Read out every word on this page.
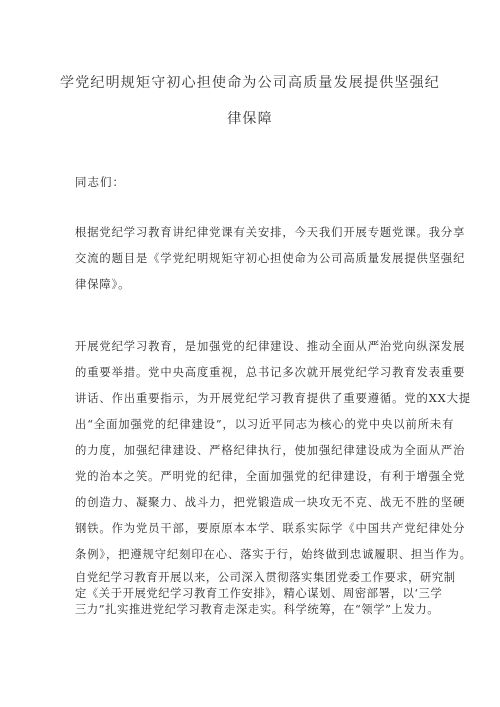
学党纪明规矩守初心担使命为公司高质量发展提供坚强纪
律保障
同志们：
根据党纪学习教育讲纪律党课有关安排，今天我们开展专题党课。我分享
交流的题目是《学党纪明规矩守初心担使命为公司高质量发展提供坚强纪
律保障》。
开展党纪学习教育，是加强党的纪律建设、推动全面从严治党向纵深发展
的重要举措。党中央高度重视，总书记多次就开展党纪学习教育发表重要
讲话、作出重要指示，为开展党纪学习教育提供了重要遵循。党的XX大提
出“全面加强党的纪律建设”，以习近平同志为核心的党中央以前所未有
的力度，加强纪律建设、严格纪律执行，使加强纪律建设成为全面从严治
党的治本之笑。严明党的纪律，全面加强党的纪律建设，有利于增强全党
的创造力、凝聚力、战斗力，把党锻造成一块攻无不克、战无不胜的坚硬
钢铁。作为党员干部，要原原本本学、联系实际学《中国共产党纪律处分
条例》，把遵规守纪刻印在心、落实于行，始终做到忠诚履职、担当作为。
自党纪学习教育开展以来，公司深入贯彻落实集团党委工作要求，研究制
定《关于开展党纪学习教育工作安排》，精心谋划、周密部署，以‘三学
三力”扎实推进党纪学习教育走深走实。科学统筹，在“领学”上发力。
